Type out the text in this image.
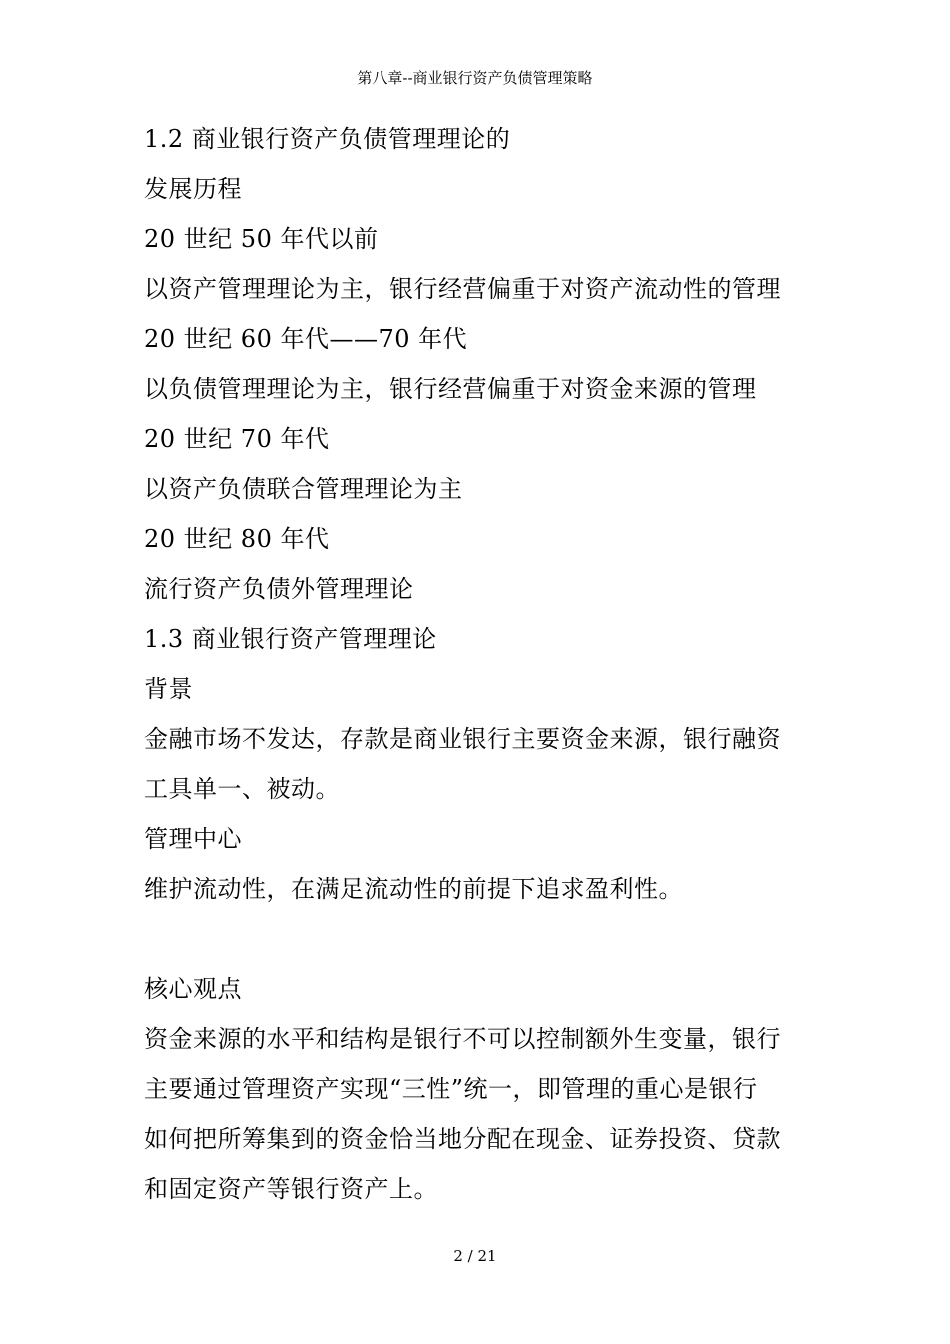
第八章--商业银行资产负债管理策略
1.2 商业银行资产负债管理理论的
发展历程
20 世纪 50 年代以前
以资产管理理论为主，银行经营偏重于对资产流动性的管理
20 世纪 60 年代——70 年代
以负债管理理论为主，银行经营偏重于对资金来源的管理
20 世纪 70 年代
以资产负债联合管理理论为主
20 世纪 80 年代
流行资产负债外管理理论
1.3 商业银行资产管理理论
背景
金融市场不发达，存款是商业银行主要资金来源，银行融资
工具单一、被动。
管理中心
维护流动性，在满足流动性的前提下追求盈利性。
核心观点
资金来源的水平和结构是银行不可以控制额外生变量，银行
主要通过管理资产实现“三性”统一，即管理的重心是银行
如何把所筹集到的资金恰当地分配在现金、证券投资、贷款
和固定资产等银行资产上。
2 / 21
